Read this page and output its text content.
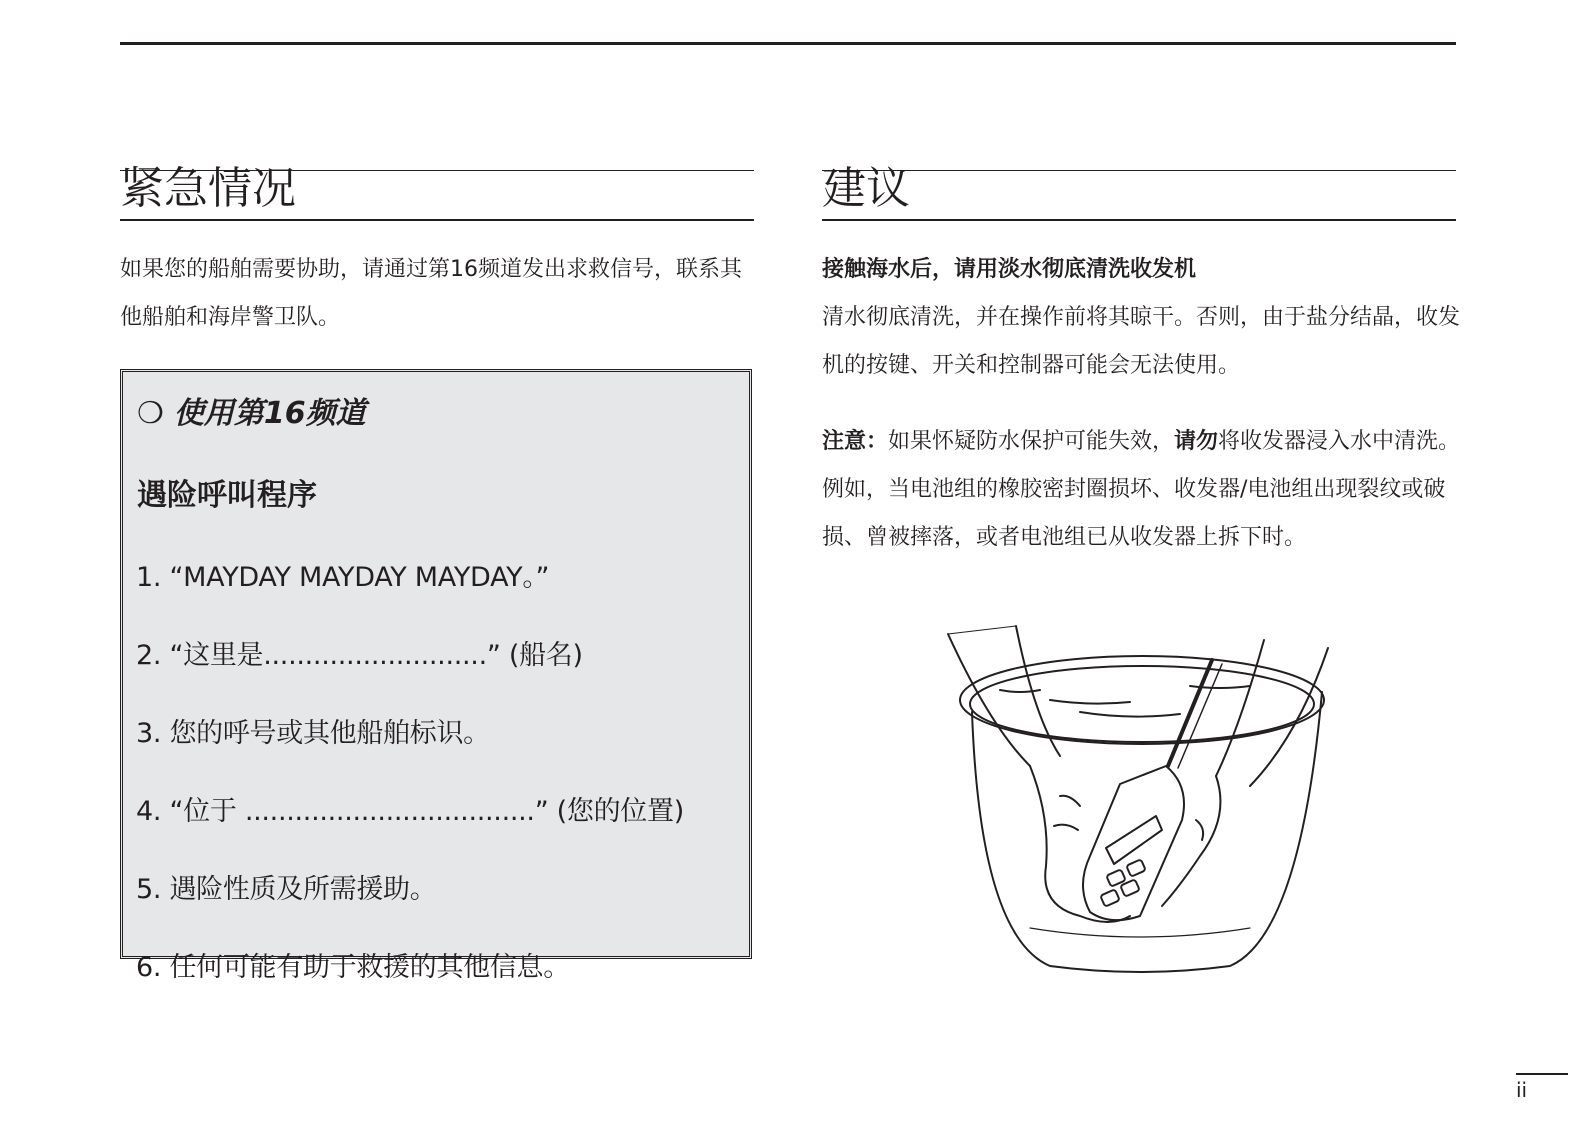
紧急情况
如果您的船舶需要协助，请通过第16频道发出求救信号，联系其他船舶和海岸警卫队。
❍ 使用第16频道
遇险呼叫程序
1. “MAYDAY MAYDAY MAYDAY。”
2. “这里是...........................” (船名)
3. 您的呼号或其他船舶标识。
4. “位于 ...................................” (您的位置)
5. 遇险性质及所需援助。
6. 任何可能有助于救援的其他信息。
建议
接触海水后，请用淡水彻底清洗收发机
清水彻底清洗，并在操作前将其晾干。否则，由于盐分结晶，收发机的按键、开关和控制器可能会无法使用。
注意：如果怀疑防水保护可能失效，请勿将收发器浸入水中清洗。例如，当电池组的橡胶密封圈损坏、收发器/电池组出现裂纹或破损、曾被摔落，或者电池组已从收发器上拆下时。
ii
